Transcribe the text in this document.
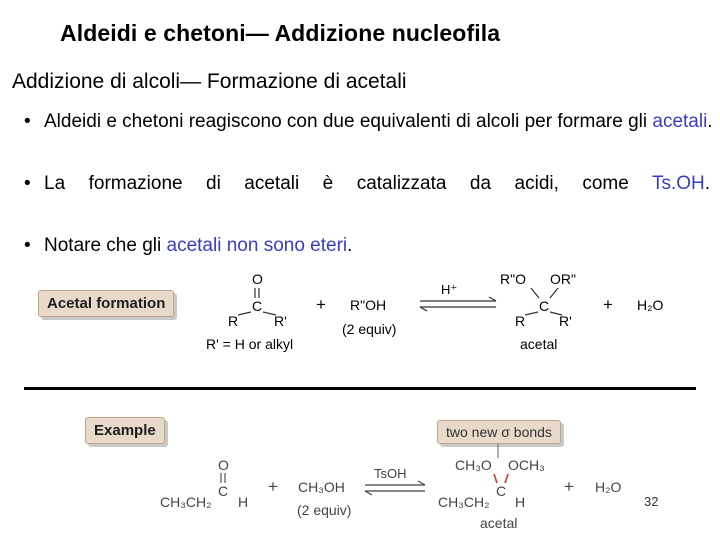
Aldeidi e chetoni— Addizione nucleofila
Addizione di alcoli— Formazione di acetali
• Aldeidi e chetoni reagiscono con due equivalenti di alcoli per formare gli acetali.
• La formazione di acetali è catalizzata da acidi, come Ts.OH.
• Notare che gli acetali non sono eteri.
Acetal formation
O
C
R	R'
R' = H or alkyl
+ R"OH
(2 equiv)
H⁺
R"O OR"
C
R R'
acetal
+ H₂O
Example	two new σ bonds
O
C
CH₃CH₂ H
+ CH₃OH
(2 equiv)
TsOH
CH₃O OCH₃
C
CH₃CH₂ H
acetal
+ H₂O
32
